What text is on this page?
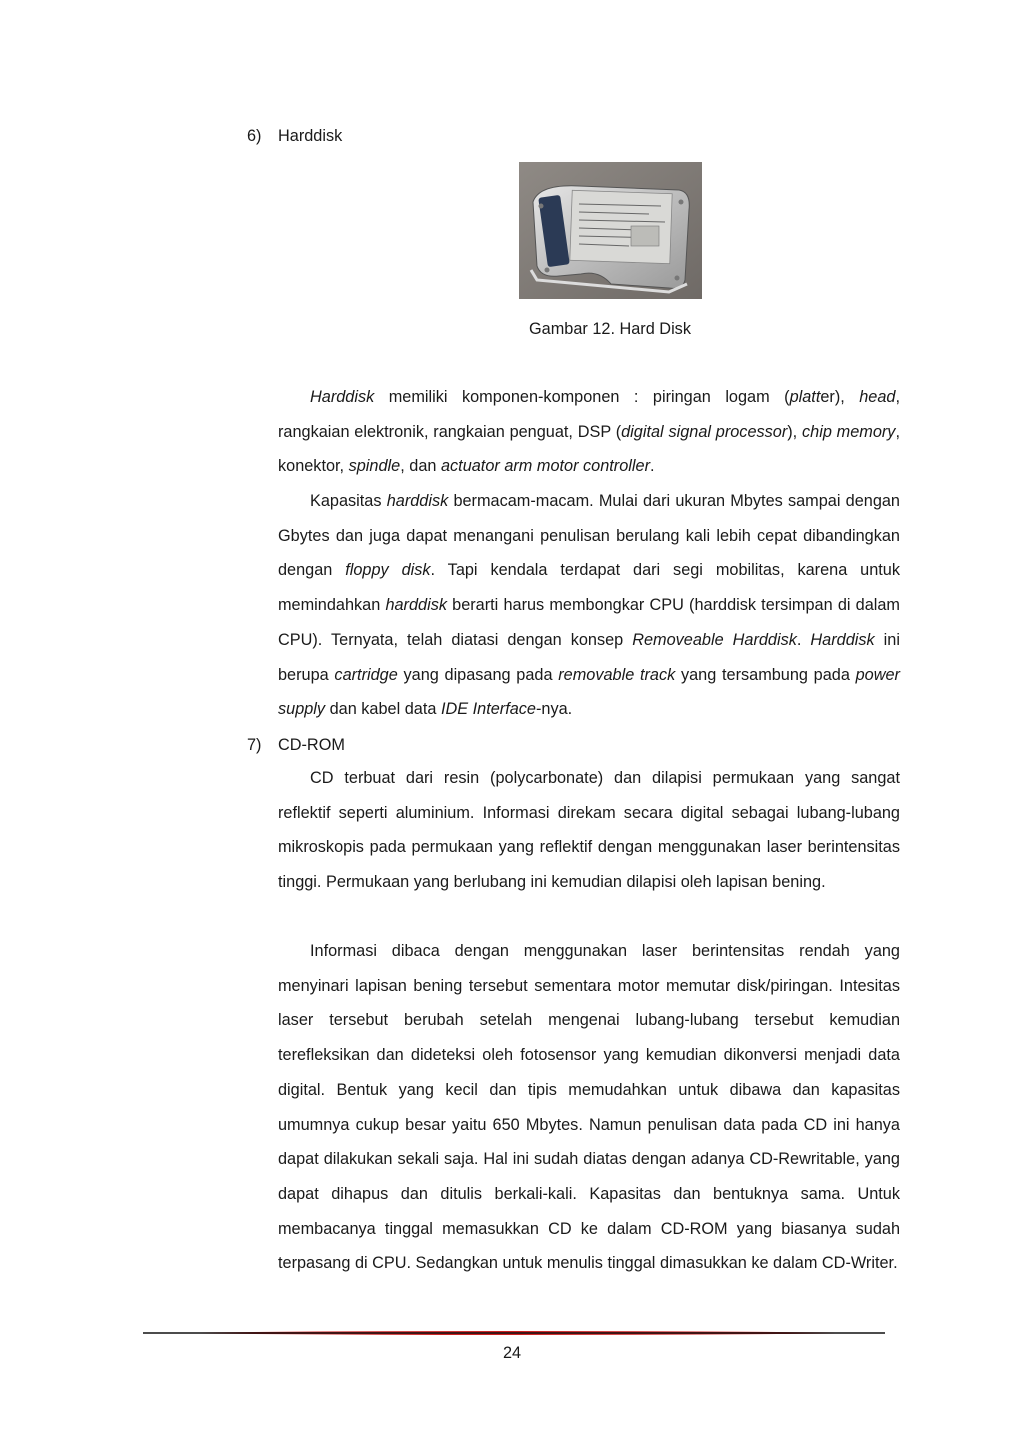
6) Harddisk
Gambar 12. Hard Disk

Harddisk memiliki komponen-komponen : piringan logam (platter), head, rangkaian elektronik, rangkaian penguat, DSP (digital signal processor), chip memory, konektor, spindle, dan actuator arm motor controller.

Kapasitas harddisk bermacam-macam. Mulai dari ukuran Mbytes sampai dengan Gbytes dan juga dapat menangani penulisan berulang kali lebih cepat dibandingkan dengan floppy disk. Tapi kendala terdapat dari segi mobilitas, karena untuk memindahkan harddisk berarti harus membongkar CPU (harddisk tersimpan di dalam CPU). Ternyata, telah diatasi dengan konsep Removeable Harddisk. Harddisk ini berupa cartridge yang dipasang pada removable track yang tersambung pada power supply dan kabel data IDE Interface-nya.

7) CD-ROM

CD terbuat dari resin (polycarbonate) dan dilapisi permukaan yang sangat reflektif seperti aluminium. Informasi direkam secara digital sebagai lubang-lubang mikroskopis pada permukaan yang reflektif dengan menggunakan laser berintensitas tinggi. Permukaan yang berlubang ini kemudian dilapisi oleh lapisan bening.

Informasi dibaca dengan menggunakan laser berintensitas rendah yang menyinari lapisan bening tersebut sementara motor memutar disk/piringan. Intesitas laser tersebut berubah setelah mengenai lubang-lubang tersebut kemudian terefleksikan dan dideteksi oleh fotosensor yang kemudian dikonversi menjadi data digital. Bentuk yang kecil dan tipis memudahkan untuk dibawa dan kapasitas umumnya cukup besar yaitu 650 Mbytes. Namun penulisan data pada CD ini hanya dapat dilakukan sekali saja. Hal ini sudah diatas dengan adanya CD-Rewritable, yang dapat dihapus dan ditulis berkali-kali. Kapasitas dan bentuknya sama. Untuk membacanya tinggal memasukkan CD ke dalam CD-ROM yang biasanya sudah terpasang di CPU. Sedangkan untuk menulis tinggal dimasukkan ke dalam CD-Writer.

24
